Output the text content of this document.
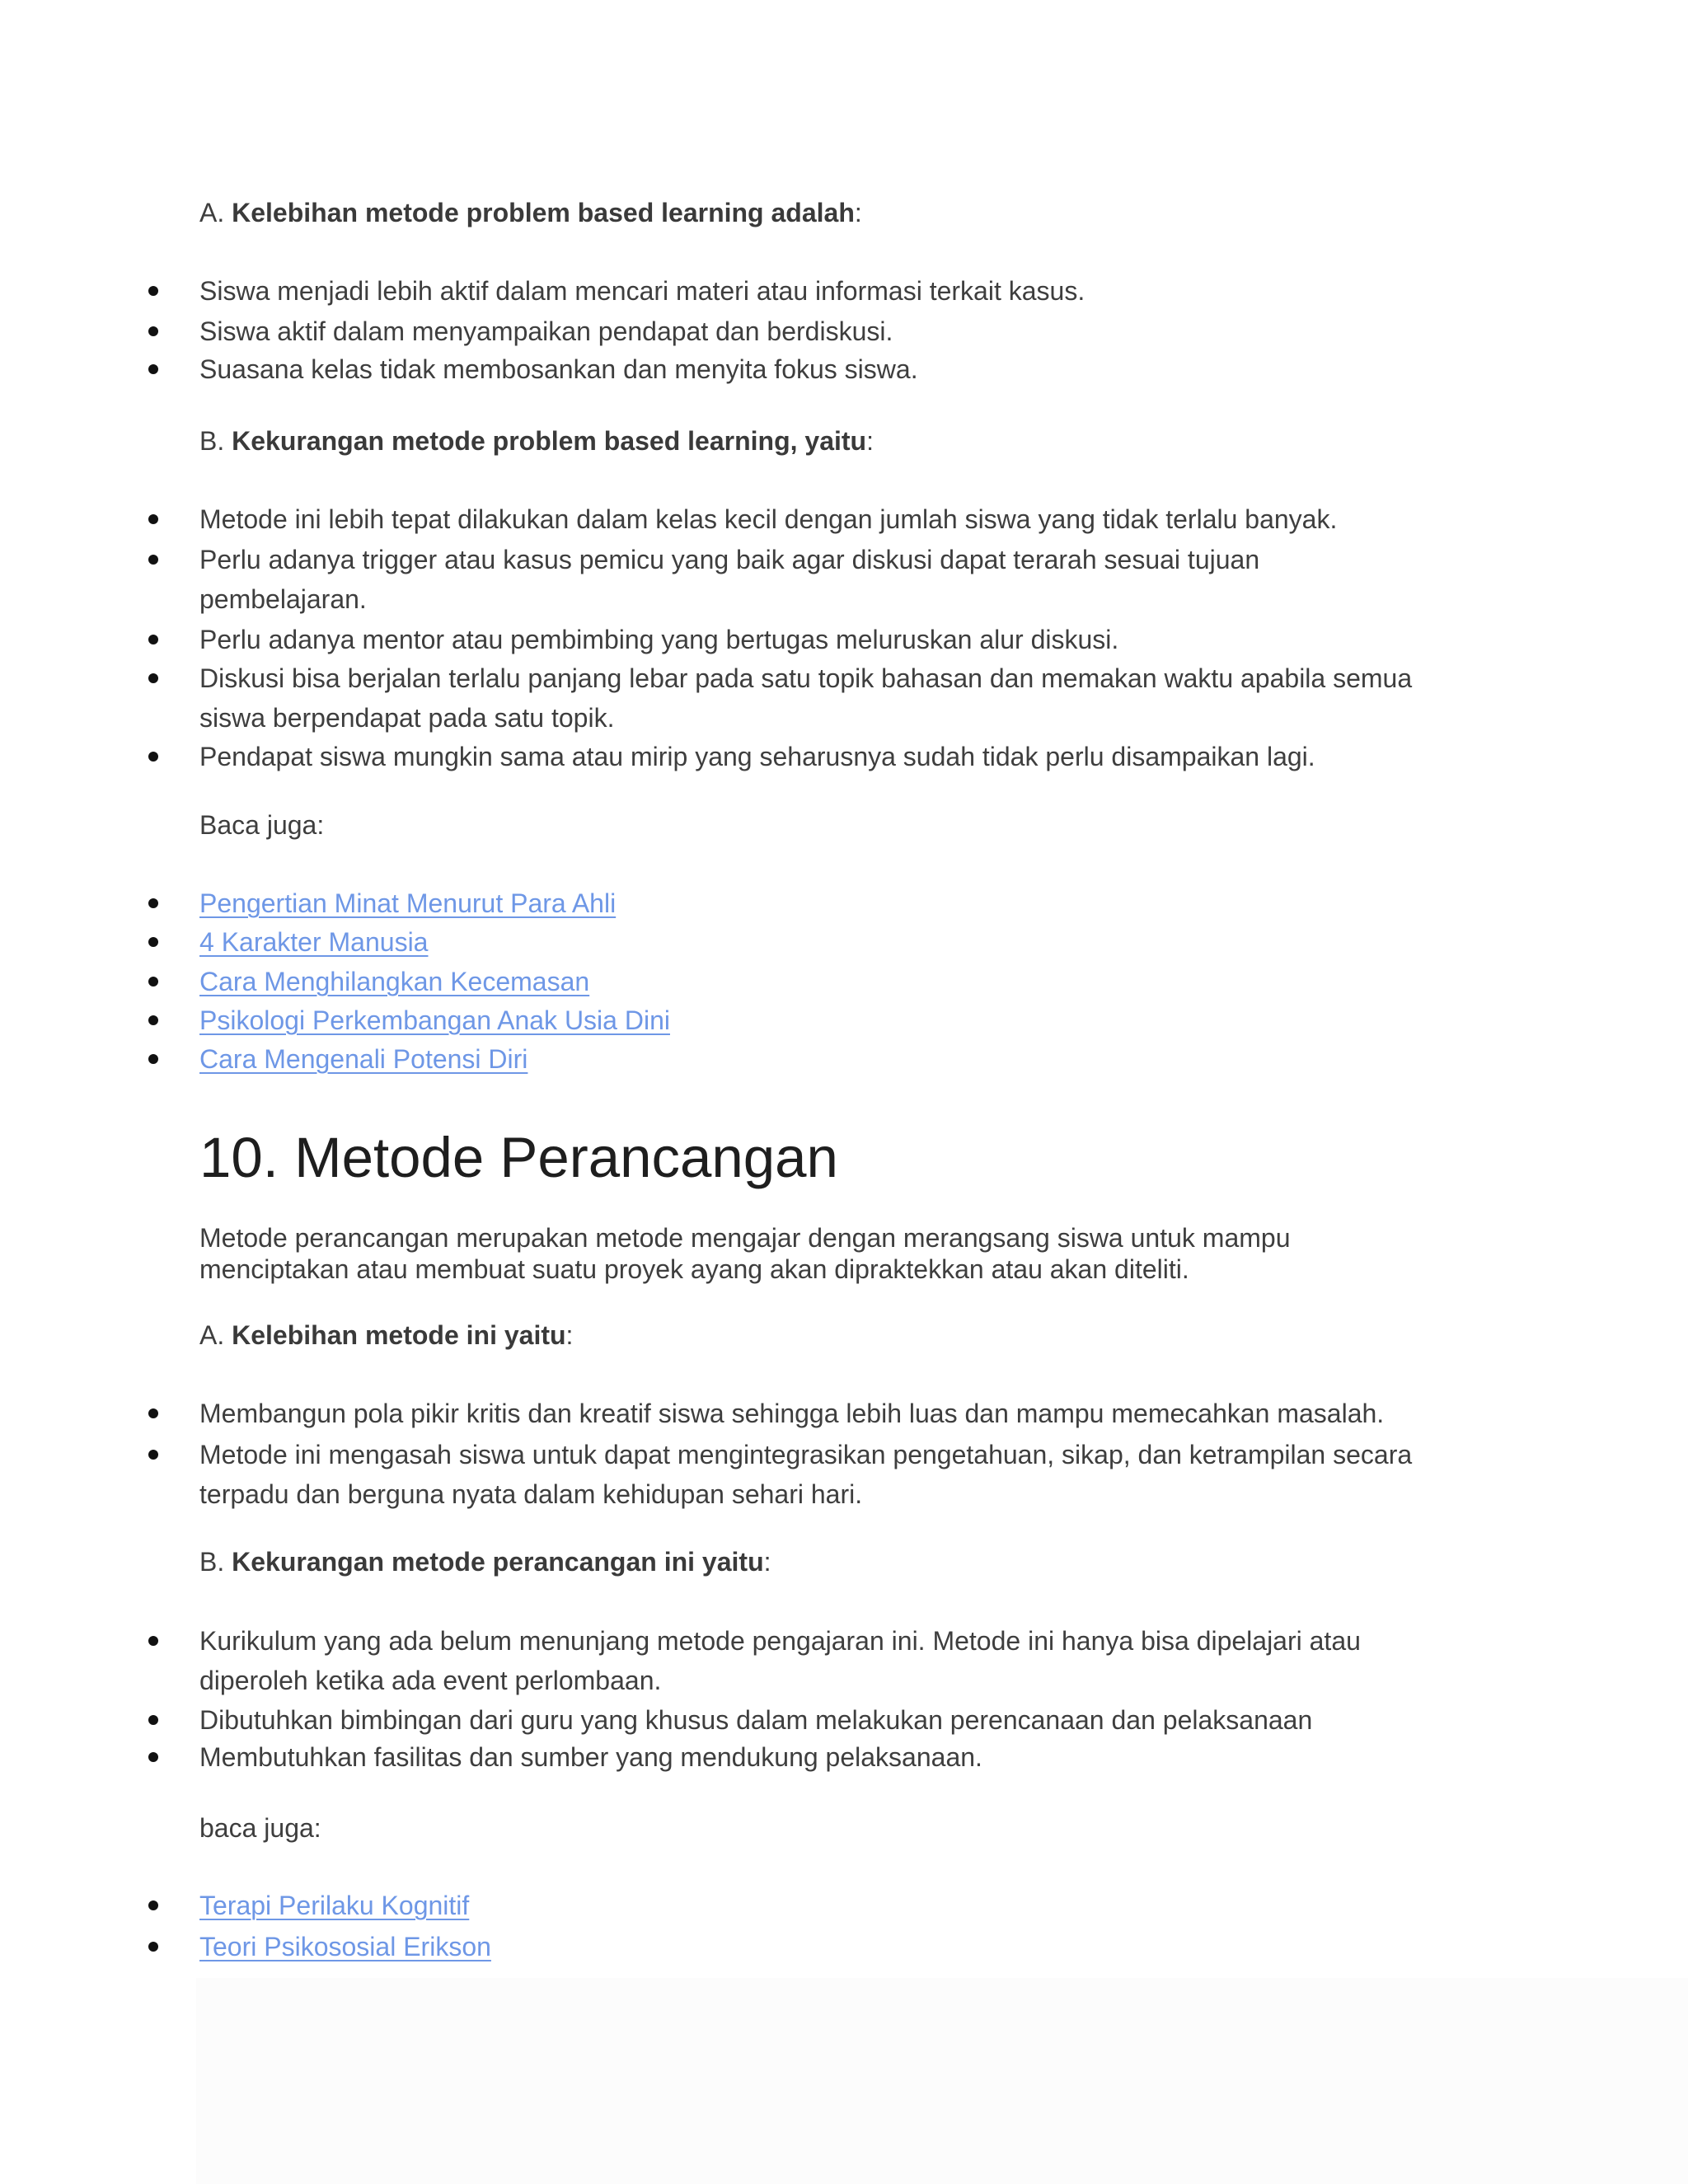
A. Kelebihan metode problem based learning adalah:
Siswa menjadi lebih aktif dalam mencari materi atau informasi terkait kasus.
Siswa aktif dalam menyampaikan pendapat dan berdiskusi.
Suasana kelas tidak membosankan dan menyita fokus siswa.
B. Kekurangan metode problem based learning, yaitu:
Metode ini lebih tepat dilakukan dalam kelas kecil dengan jumlah siswa yang tidak terlalu banyak.
Perlu adanya trigger atau kasus pemicu yang baik agar diskusi dapat terarah sesuai tujuan pembelajaran.
Perlu adanya mentor atau pembimbing yang bertugas meluruskan alur diskusi.
Diskusi bisa berjalan terlalu panjang lebar pada satu topik bahasan dan memakan waktu apabila semua siswa berpendapat pada satu topik.
Pendapat siswa mungkin sama atau mirip yang seharusnya sudah tidak perlu disampaikan lagi.
Baca juga:
Pengertian Minat Menurut Para Ahli
4 Karakter Manusia
Cara Menghilangkan Kecemasan
Psikologi Perkembangan Anak Usia Dini
Cara Mengenali Potensi Diri
10. Metode Perancangan
Metode perancangan merupakan metode mengajar dengan merangsang siswa untuk mampu menciptakan atau membuat suatu proyek ayang akan dipraktekkan atau akan diteliti.
A. Kelebihan metode ini yaitu:
Membangun pola pikir kritis dan kreatif siswa sehingga lebih luas dan mampu memecahkan masalah.
Metode ini mengasah siswa untuk dapat mengintegrasikan pengetahuan, sikap, dan ketrampilan secara terpadu dan berguna nyata dalam kehidupan sehari hari.
B. Kekurangan metode perancangan ini yaitu:
Kurikulum yang ada belum menunjang metode pengajaran ini. Metode ini hanya bisa dipelajari atau diperoleh ketika ada event perlombaan.
Dibutuhkan bimbingan dari guru yang khusus dalam melakukan perencanaan dan pelaksanaan
Membutuhkan fasilitas dan sumber yang mendukung pelaksanaan.
baca juga:
Terapi Perilaku Kognitif
Teori Psikososial Erikson
